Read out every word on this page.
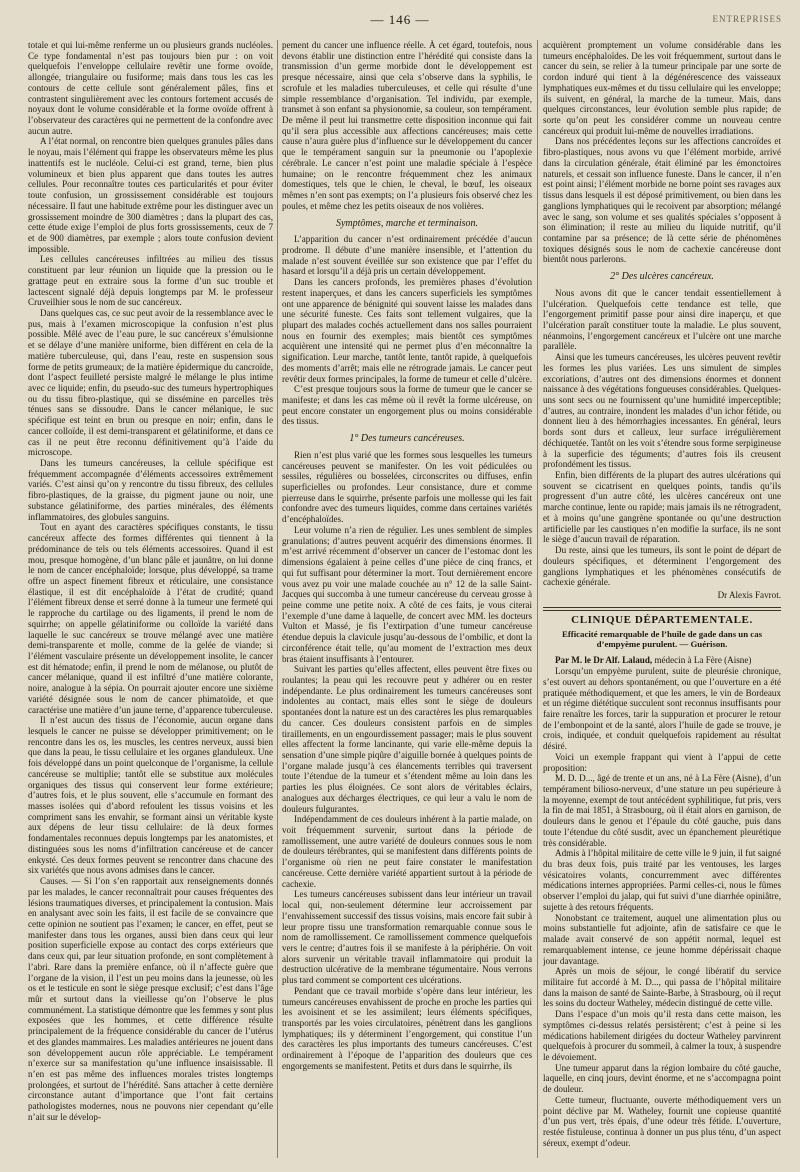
— 146 —	ENTREPRISES

totale et qui lui-même renferme un ou plusieurs grands nucléoles. Ce type fondamental n’est pas toujours bien pur : on voit quelquefois l’enveloppe cellulaire revêtir une forme ovoïde, allongée, triangulaire ou fusiforme; mais dans tous les cas les contours de cette cellule sont généralement pâles, fins et contrastent singulièrement avec les contours fortement accusés de noyaux dont le volume considérable et la forme ovoïde offrent à l’observateur des caractères qui ne permettent de la confondre avec aucun autre.

A l’état normal, on rencontre bien quelques granules pâles dans le noyau, mais l’élément qui frappe les observateurs même les plus inattentifs est le nucléole. Celui-ci est grand, terne, bien plus volumineux et bien plus apparent que dans toutes les autres cellules. Pour reconnaître toutes ces particularités et pour éviter toute confusion, un grossissement considérable est toujours nécessaire. Il faut une habitude extrême pour les distinguer avec un grossissement moindre de 300 diamètres ; dans la plupart des cas, cette étude exige l’emploi de plus forts grossissements, ceux de 7 et de 900 diamètres, par exemple ; alors toute confusion devient impossible.

Les cellules cancéreuses infiltrées au milieu des tissus constituent par leur réunion un liquide que la pression ou le grattage peut en extraire sous la forme d’un suc trouble et lactescent signalé déjà depuis longtemps par M. le professeur Cruveilhier sous le nom de suc cancéreux.

Dans quelques cas, ce suc peut avoir de la ressemblance avec le pus, mais à l’examen microscopique la confusion n’est plus possible. Mêlé avec de l’eau pure, le suc cancéreux s’émulsionne et se délaye d’une manière uniforme, bien différent en cela de la matière tuberculeuse, qui, dans l’eau, reste en suspension sous forme de petits grumeaux; de la matière épidermique du cancroïde, dont l’aspect feuilleté persiste malgré le mélange le plus intime avec ce liquide; enfin, du pseudo-suc des tumeurs hypertrophiques ou du tissu fibro-plastique, qui se dissémine en parcelles très ténues sans se dissoudre. Dans le cancer mélanique, le suc spécifique est teint en brun ou presque en noir; enfin, dans le cancer colloïde, il est demi-transparent et gélatiniforme, et dans ce cas il ne peut être reconnu définitivement qu’à l’aide du microscope.

Dans les tumeurs cancéreuses, la cellule spécifique est fréquemment accompagnée d’éléments accessoires extrêmement variés. C’est ainsi qu’on y rencontre du tissu fibreux, des cellules fibro-plastiques, de la graisse, du pigment jaune ou noir, une substance gélatiniforme, des parties minérales, des éléments inflammatoires, des globules sanguins.

Tout en ayant des caractères spécifiques constants, le tissu cancéreux affecte des formes différentes qui tiennent à la prédominance de tels ou tels éléments accessoires. Quand il est mou, presque homogène, d’un blanc pâle et jaunâtre, on lui donne le nom de cancer encéphaloïde; lorsque, plus développé, sa trame offre un aspect finement fibreux et réticulaire, une consistance élastique, il est dit encéphaloïde à l’état de crudité; quand l’élément fibreux dense et serré donne à la tumeur une fermeté qui le rapproche du cartilage ou des ligaments, il prend le nom de squirrhe; on appelle gélatiniforme ou colloïde la variété dans laquelle le suc cancéreux se trouve mélangé avec une matière demi-transparente et molle, comme de la gelée de viande; si l’élément vasculaire présente un développement insolite, le cancer est dit hématode; enfin, il prend le nom de mélanose, ou plutôt de cancer mélanique, quand il est infiltré d’une matière colorante, noire, analogue à la sépia. On pourrait ajouter encore une sixième variété désignée sous le nom de cancer phimatoïde, et que caractérise une matière d’un jaune terne, d’apparence tuberculeuse.

Il n’est aucun des tissus de l’économie, aucun organe dans lesquels le cancer ne puisse se développer primitivement; on le rencontre dans les os, les muscles, les centres nerveux, aussi bien que dans la peau, le tissu cellulaire et les organes glanduleux. Une fois développé dans un point quelconque de l’organisme, la cellule cancéreuse se multiplie; tantôt elle se substitue aux molécules organiques des tissus qui conservent leur forme extérieure; d’autres fois, et le plus souvent, elle s’accumule en formant des masses isolées qui d’abord refoulent les tissus voisins et les compriment sans les envahir, se formant ainsi un véritable kyste aux dépens de leur tissu cellulaire: de là deux formes fondamentales reconnues depuis longtemps par les anatomistes, et distinguées sous les noms d’infiltration cancéreuse et de cancer enkysté. Ces deux formes peuvent se rencontrer dans chacune des six variétés que nous avons admises dans le cancer.

Causes. — Si l’on s’en rapportait aux renseignements donnés par les malades, le cancer reconnaîtrait pour causes fréquentes des lésions traumatiques diverses, et principalement la contusion. Mais en analysant avec soin les faits, il est facile de se convaincre que cette opinion ne soutient pas l’examen; le cancer, en effet, peut se manifester dans tous les organes, aussi bien dans ceux qui leur position superficielle expose au contact des corps extérieurs que dans ceux qui, par leur situation profonde, en sont complètement à l’abri. Rare dans la première enfance, où il n’affecte guère que l’organe de la vision, il l’est un peu moins dans la jeunesse, où les os et le testicule en sont le siège presque exclusif; c’est dans l’âge mûr et surtout dans la vieillesse qu’on l’observe le plus communément. La statistique démontre que les femmes y sont plus exposées que les hommes, et cette différence résulte principalement de la fréquence considérable du cancer de l’utérus et des glandes mammaires. Les maladies antérieures ne jouent dans son développement aucun rôle appréciable. Le tempérament n’exerce sur sa manifestation qu’une influence insaisissable. Il n’en est pas même des influences morales tristes longtemps prolongées, et surtout de l’hérédité. Sans attacher à cette dernière circonstance autant d’importance que l’ont fait certains pathologistes modernes, nous ne pouvons nier cependant qu’elle n’ait sur le dévelop-

pement du cancer une influence réelle. À cet égard, toutefois, nous devons établir une distinction entre l’hérédité qui consiste dans la transmission d’un germe morbide dont le développement est presque nécessaire, ainsi que cela s’observe dans la syphilis, le scrofule et les maladies tuberculeuses, et celle qui résulte d’une simple ressemblance d’organisation. Tel individu, par exemple, transmet à son enfant sa physionomie, sa couleur, son tempérament. De même il peut lui transmettre cette disposition inconnue qui fait qu’il sera plus accessible aux affections cancéreuses; mais cette cause n’aura guère plus d’influence sur le développement du cancer que le tempérament sanguin sur la pneumonie ou l’apoplexie cérébrale. Le cancer n’est point une maladie spéciale à l’espèce humaine; on le rencontre fréquemment chez les animaux domestiques, tels que le chien, le cheval, le bœuf, les oiseaux mêmes n’en sont pas exempts; on l’a plusieurs fois observé chez les poules, et même chez les petits oiseaux de nos volières.

Symptômes, marche et terminaison.

L’apparition du cancer n’est ordinairement précédée d’aucun prodrome. Il débute d’une manière insensible, et l’attention du malade n’est souvent éveillée sur son existence que par l’effet du hasard et lorsqu’il a déjà pris un certain développement.

Dans les cancers profonds, les premières phases d’évolution restent inaperçues, et dans les cancers superficiels les symptômes ont une apparence de bénignité qui souvent laisse les malades dans une sécurité funeste. Ces faits sont tellement vulgaires, que la plupart des malades cochés actuellement dans nos salles pourraient nous en fournir des exemples; mais bientôt ces symptômes acquièrent une intensité qui ne permet plus d’en méconnaître la signification. Leur marche, tantôt lente, tantôt rapide, à quelquefois des moments d’arrêt; mais elle ne rétrograde jamais. Le cancer peut revêtir deux formes principales, la forme de tumeur et celle d’ulcère.

C’est presque toujours sous la forme de tumeur que le cancer se manifeste; et dans les cas même où il revêt la forme ulcéreuse, on peut encore constater un engorgement plus ou moins considérable des tissus.

1° Des tumeurs cancéreuses.

Rien n’est plus varié que les formes sous lesquelles les tumeurs cancéreuses peuvent se manifester. On les voit pédiculées ou sessiles, régulières ou bosselées, circonscrites ou diffuses, enfin superficielles ou profondes. Leur consistance, dure et comme pierreuse dans le squirrhe, présente parfois une mollesse qui les fait confondre avec des tumeurs liquides, comme dans certaines variétés d’encéphaloïdes.

Leur volume n’a rien de régulier. Les unes semblent de simples granulations; d’autres peuvent acquérir des dimensions énormes. Il m’est arrivé récemment d’observer un cancer de l’estomac dont les dimensions égalaient à peine celles d’une pièce de cinq francs, et qui fut suffisant pour déterminer la mort. Tout dernièrement encore vous avez pu voir une malade couchée au n° 12 de la salle Saint-Jacques qui succomba à une tumeur cancéreuse du cerveau grosse à peine comme une petite noix. A côté de ces faits, je vous citerai l’exemple d’une dame à laquelle, de concert avec MM. les docteurs Vulton et Massé, je fis l’extirpation d’une tumeur cancéreuse étendue depuis la clavicule jusqu’au-dessous de l’ombilic, et dont la circonférence était telle, qu’au moment de l’extraction mes deux bras étaient insuffisants à l’entourer.

Suivant les parties qu’elles affectent, elles peuvent être fixes ou roulantes; la peau qui les recouvre peut y adhérer ou en rester indépendante. Le plus ordinairement les tumeurs cancéreuses sont indolentes au contact, mais elles sont le siège de douleurs spontanées dont la nature est un des caractères les plus remarquables du cancer. Ces douleurs consistent parfois en de simples tiraillements, en un engourdissement passager; mais le plus souvent elles affectent la forme lancinante, qui varie elle-même depuis la sensation d’une simple piqûre d’aiguille bornée à quelques points de l’organe malade jusqu’à ces élancements terribles qui traversent toute l’étendue de la tumeur et s’étendent même au loin dans les parties les plus éloignées. Ce sont alors de véritables éclairs, analogues aux décharges électriques, ce qui leur a valu le nom de douleurs fulgurantes.

Indépendamment de ces douleurs inhérent à la partie malade, on voit fréquemment survenir, surtout dans la période de ramollissement, une autre variété de douleurs connues sous le nom de douleurs térébrantes, qui se manifestent dans différents points de l’organisme où rien ne peut faire constater le manifestation cancéreuse. Cette dernière variété appartient surtout à la période de cachexie.

Les tumeurs cancéreuses subissent dans leur intérieur un travail local qui, non-seulement détermine leur accroissement par l’envahissement successif des tissus voisins, mais encore fait subir à leur propre tissu une transformation remarquable connue sous le nom de ramollissement. Ce ramollissement commence quelquefois vers le centre; d’autres fois il se manifeste à la périphérie. On voit alors survenir un véritable travail inflammatoire qui produit la destruction ulcérative de la membrane tégumentaire. Nous verrons plus tard comment se comportent ces ulcérations.

Pendant que ce travail morbide s’opère dans leur intérieur, les tumeurs cancéreuses envahissent de proche en proche les parties qui les avoisinent et se les assimilent; leurs éléments spécifiques, transportés par les voies circulatoires, pénètrent dans les ganglions lymphatiques; ils y déterminent l’engorgement, qui constitue l’un des caractères les plus importants des tumeurs cancéreuses. C’est ordinairement à l’époque de l’apparition des douleurs que ces engorgements se manifestent. Petits et durs dans le squirrhe, ils

acquièrent promptement un volume considérable dans les tumeurs encéphaloïdes. De les voit fréquemment, surtout dans le cancer du sein, se relier à la tumeur principale par une sorte de cordon induré qui tient à la dégénérescence des vaisseaux lymphatiques eux-mêmes et du tissu cellulaire qui les enveloppe; ils suivent, en général, la marche de la tumeur. Mais, dans quelques circonstances, leur évolution semble plus rapide; de sorte qu’on peut les considérer comme un nouveau centre cancéreux qui produit lui-même de nouvelles irradiations.

Dans nos précédentes leçons sur les affections cancroïdes et fibro-plastiques, nous avons vu que l’élément morbide, arrivé dans la circulation générale, était éliminé par les émonctoires naturels, et cessait son influence funeste. Dans le cancer, il n’en est point ainsi; l’élément morbide ne borne point ses ravages aux tissus dans lesquels il est déposé primitivement, ou bien dans les ganglions lymphatiques qui le recoivent par absorption; mélangé avec le sang, son volume et ses qualités spéciales s’opposent à son élimination; il reste au milieu du liquide nutritif, qu’il contamine par sa présence; de là cette série de phénomènes toxiques désignés sous le nom de cachexie cancéreuse dont bientôt nous parlerons.

2° Des ulcères cancéreux.

Nous avons dit que le cancer tendait essentiellement à l’ulcération. Quelquefois cette tendance est telle, que l’engorgement primitif passe pour ainsi dire inaperçu, et que l’ulcération paraît constituer toute la maladie. Le plus souvent, néanmoins, l’engorgement cancéreux et l’ulcère ont une marche parallèle.

Ainsi que les tumeurs cancéreuses, les ulcères peuvent revêtir les formes les plus variées. Les uns simulent de simples excoriations, d’autres ont des dimensions énormes et donnent naissance à des végétations fongueuses considérables. Quelques-uns sont secs ou ne fournissent qu’une humidité imperceptible; d’autres, au contraire, inondent les malades d’un ichor fétide, ou donnent lieu à des hémorrhagies incessantes. En général, leurs bords sont durs et calleux, leur surface irrégulièrement déchiquetée. Tantôt on les voit s’étendre sous forme serpigineuse à la superficie des téguments; d’autres fois ils creusent profondément les tissus.

Enfin, bien différents de la plupart des autres ulcérations qui souvent se cicatrisent en quelques points, tandis qu’ils progressent d’un autre côté, les ulcères cancéreux ont une marche continue, lente ou rapide; mais jamais ils ne rétrogradent, et à moins qu’une gangrène spontanée ou qu’une destruction artificielle par les caustiques n’en modifie la surface, ils ne sont le siège d’aucun travail de réparation.

Du reste, ainsi que les tumeurs, ils sont le point de départ de douleurs spécifiques, et déterminent l’engorgement des ganglions lymphatiques et les phénomènes consécutifs de cachexie générale.

Dr Alexis Favrot.
CLINIQUE DÉPARTEMENTALE.
Efficacité remarquable de l’huile de gade dans un cas d’empyème purulent. — Guérison.

Par M. le Dr Alf. Lalaud, médecin à La Fère (Aisne)

Lorsqu’un empyème purulent, suite de pleurésie chronique, s’est ouvert au dehors spontanément, ou que l’ouverture en a été pratiquée méthodiquement, et que les amers, le vin de Bordeaux et un régime diététique succulent sont reconnus insuffisants pour faire renaître les forces, tarir la suppuration et procurer le retour de l’embonpoint et de la santé, alors l’huile de gade se trouve, je crois, indiquée, et conduit quelquefois rapidement au résultat désiré.

Voici un exemple frappant qui vient à l’appui de cette proposition:

M. D. D..., âgé de trente et un ans, né à La Fère (Aisne), d’un tempérament bilioso-nerveux, d’une stature un peu supérieure à la moyenne, exempt de tout antécédent syphilitique, fut pris, vers la fin de mai 1851, à Strasbourg, où il était alors en garnison, de douleurs dans le genou et l’épaule du côté gauche, puis dans toute l’étendue du côté susdit, avec un épanchement pleurétique très considérable.

Admis à l’hôpital militaire de cette ville le 9 juin, il fut saigné du bras deux fois, puis traité par les ventouses, les larges vésicatoires volants, concurremment avec différentes médications internes appropriées. Parmi celles-ci, nous le fûmes observer l’emploi du jalap, qui fut suivi d’une diarrhée opiniâtre, sujette à des retours fréquents.

Nonobstant ce traitement, auquel une alimentation plus ou moins substantielle fut adjointe, afin de satisfaire ce que le malade avait conservé de son appétit normal, lequel est remarquablement intense, ce jeune homme dépérissait chaque jour davantage.

Après un mois de séjour, le congé libératif du service militaire fut accordé à M. D..., qui passa de l’hôpital militaire dans la maison de santé de Sainte-Barbe, à Strasbourg, où il reçut les soins du docteur Watheley, médecin distingué de cette ville.

Dans l’espace d’un mois qu’il resta dans cette maison, les symptômes ci-dessus relatés persistèrent; c’est à peine si les médications habilement dirigées du docteur Watheley parvinrent quelquefois à procurer du sommeil, à calmer la toux, à suspendre le dévoiement.

Une tumeur apparut dans la région lombaire du côté gauche, laquelle, en cinq jours, devint énorme, et ne s’accompagna point de douleur.

Cette tumeur, fluctuante, ouverte méthodiquement vers un point déclive par M. Watheley, fournit une copieuse quantité d’un pus vert, très épais, d’une odeur très fétide. L’ouverture, restée fistuleuse, continua à donner un pus plus ténu, d’un aspect séreux, exempt d’odeur.
